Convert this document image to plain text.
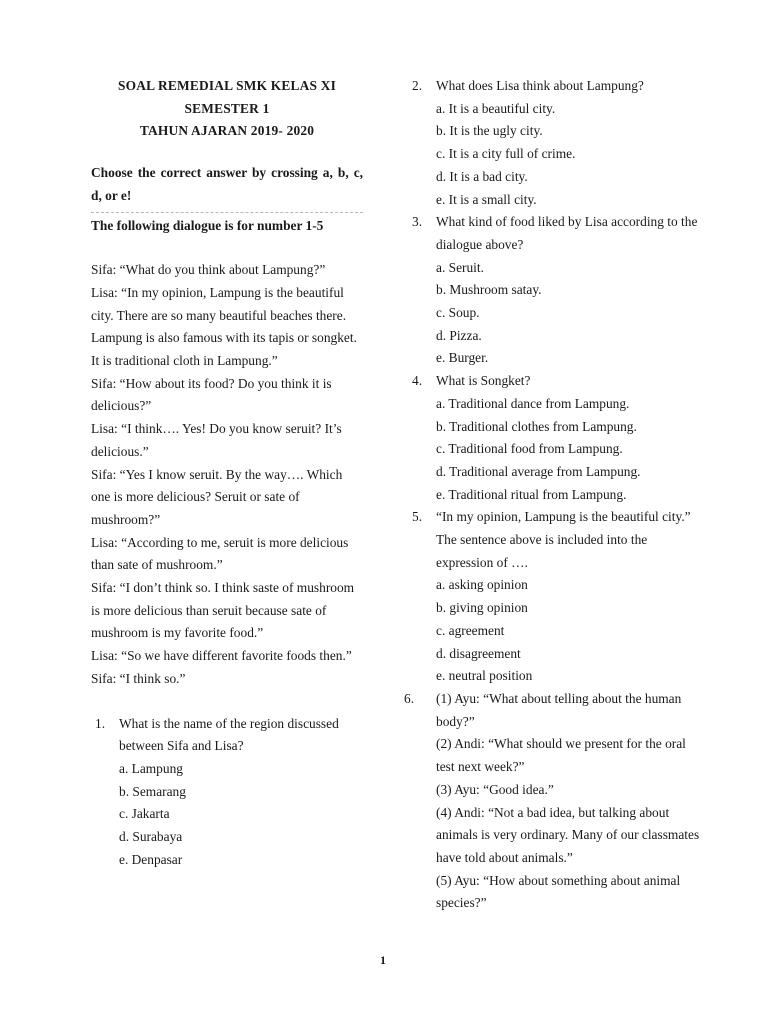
SOAL REMEDIAL SMK KELAS XI
SEMESTER 1
TAHUN AJARAN 2019- 2020

Choose the correct answer by crossing a, b, c, d, or e!

The following dialogue is for number 1-5

Sifa: “What do you think about Lampung?”

Lisa: “In my opinion, Lampung is the beautiful city. There are so many beautiful beaches there. Lampung is also famous with its tapis or songket. It is traditional cloth in Lampung.”

Sifa: “How about its food? Do you think it is delicious?”

Lisa: “I think…. Yes! Do you know seruit? It’s delicious.”

Sifa: “Yes I know seruit. By the way…. Which one is more delicious? Seruit or sate of mushroom?”

Lisa: “According to me, seruit is more delicious than sate of mushroom.”

Sifa: “I don’t think so. I think saste of mushroom is more delicious than seruit because sate of mushroom is my favorite food.”

Lisa: “So we have different favorite foods then.”

Sifa: “I think so.”

1. What is the name of the region discussed between Sifa and Lisa?

a. Lampung
b. Semarang
c. Jakarta
d. Surabaya
e. Denpasar
2. What does Lisa think about Lampung?

a. It is a beautiful city.
b. It is the ugly city.
c. It is a city full of crime.
d. It is a bad city.
e. It is a small city.
3. What kind of food liked by Lisa according to the dialogue above?

a. Seruit.
b. Mushroom satay.
c. Soup.
d. Pizza.
e. Burger.
4. What is Songket?

a. Traditional dance from Lampung.
b. Traditional clothes from Lampung.
c. Traditional food from Lampung.
d. Traditional average from Lampung.
e. Traditional ritual from Lampung.
5. “In my opinion, Lampung is the beautiful city.”

The sentence above is included into the expression of ….

a. asking opinion
b. giving opinion
c. agreement
d. disagreement
e. neutral position
6. (1) Ayu: “What about telling about the human body?”

(2) Andi: “What should we present for the oral test next week?”

(3) Ayu: “Good idea.”

(4) Andi: “Not a bad idea, but talking about animals is very ordinary. Many of our classmates have told about animals.”

(5) Ayu: “How about something about animal species?”

1
